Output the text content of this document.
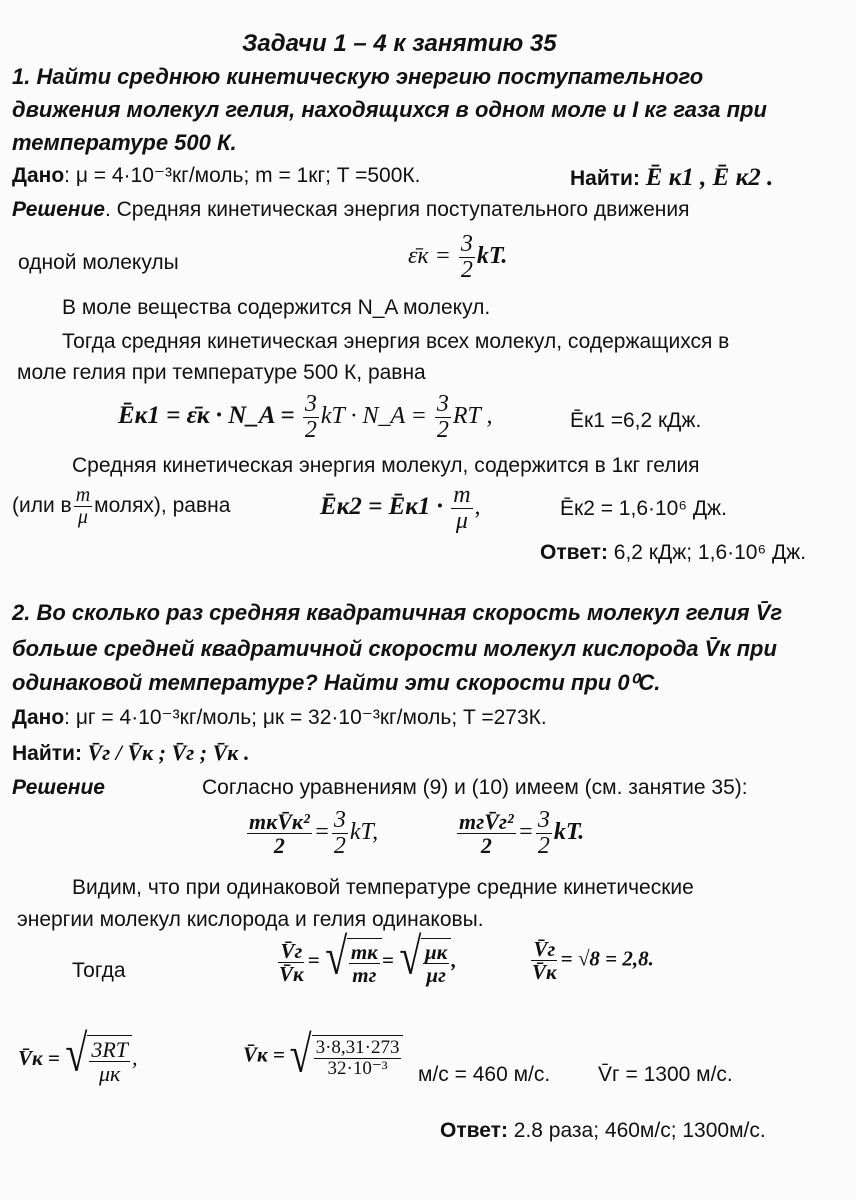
Задачи 1 – 4 к занятию 35
1. Найти среднюю кинетическую энергию поступательного
движения молекул гелия, находящихся в одном моле и I кг газа при
температуре 500 К.
Дано: μ = 4·10⁻³кг/моль; m = 1кг; T =500К.	Найти: Ē к1 , Ē к2 .
Решение. Средняя кинетическая энергия поступательного движения
одной молекулы	ε̄к = $\frac{3}{2}$ kT.
В моле вещества содержится N_A молекул.
Тогда средняя кинетическая энергия всех молекул, содержащихся в
моле гелия при температуре 500 К, равна
Ēк1 = ε̄к · N_A = $\frac{3}{2}$ kT · N_A = $\frac{3}{2}$ RT ,	Ēк1 =6,2 кДж.
Средняя кинетическая энергия молекул, содержится в 1кг гелия
(или в $\frac{m}{\mu}$ молях), равна	Ēк2 = Ēк1 · $\frac{m}{\mu}$ ,	Ēк2 = 1,6·10⁶ Дж.
Ответ: 6,2 кДж; 1,6·10⁶ Дж.
2. Во сколько раз средняя квадратичная скорость молекул гелия V̄г
больше средней квадратичной скорости молекул кислорода V̄к при
одинаковой температуре? Найти эти скорости при 0⁰С.
Дано: μг = 4·10⁻³кг/моль; μк = 32·10⁻³кг/моль; T =273К.
Найти: V̄г / V̄к ; V̄г ; V̄к .
Решение	Согласно уравнениям (9) и (10) имеем (см. занятие 35):
$\frac{\text{mкV̄к²}}{2} = \frac{3}{2}$ kT,	$\frac{\text{mгV̄г²}}{2} = \frac{3}{2}$ kT.
Видим, что при одинаковой температуре средние кинетические
энергии молекул кислорода и гелия одинаковы.
Тогда	$\frac{V̄г}{V̄к}$ = √ $\frac{mк}{mг}$ = √ $\frac{\mu к}{\mu г}$ ,	$\frac{V̄г}{V̄к} = √8 = 2,8$.
V̄к = √ $\frac{3RT}{\mu к}$ ,	V̄к = √ $\frac{3\cdot 8,31\cdot 273}{\text{32·10⁻³}} м/с = 460$ м/с. V̄г = 1300 м/с.
Ответ: 2.8 раза; 460м/с; 1300м/с.
